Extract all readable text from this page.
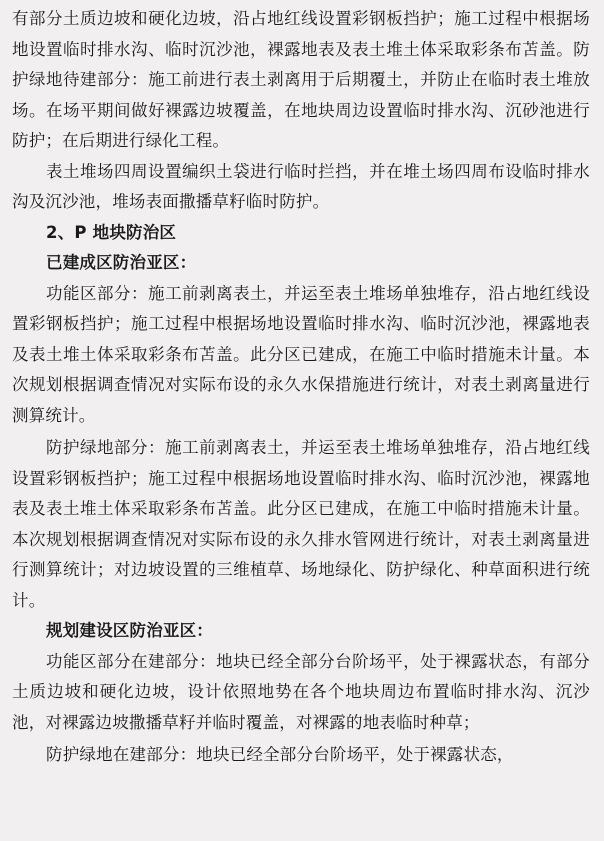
有部分土质边坡和硬化边坡，沿占地红线设置彩钢板挡护；施工过程中根据场地设置临时排水沟、临时沉沙池，裸露地表及表土堆土体采取彩条布苫盖。防护绿地待建部分：施工前进行表土剥离用于后期覆土，并防止在临时表土堆放场。在场平期间做好裸露边坡覆盖，在地块周边设置临时排水沟、沉砂池进行防护；在后期进行绿化工程。

表土堆场四周设置编织土袋进行临时拦挡，并在堆土场四周布设临时排水沟及沉沙池，堆场表面撒播草籽临时防护。

2、P 地块防治区

已建成区防治亚区：

功能区部分：施工前剥离表土，并运至表土堆场单独堆存，沿占地红线设置彩钢板挡护；施工过程中根据场地设置临时排水沟、临时沉沙池，裸露地表及表土堆土体采取彩条布苫盖。此分区已建成，在施工中临时措施未计量。本次规划根据调查情况对实际布设的永久水保措施进行统计，对表土剥离量进行测算统计。

防护绿地部分：施工前剥离表土，并运至表土堆场单独堆存，沿占地红线设置彩钢板挡护；施工过程中根据场地设置临时排水沟、临时沉沙池，裸露地表及表土堆土体采取彩条布苫盖。此分区已建成，在施工中临时措施未计量。本次规划根据调查情况对实际布设的永久排水管网进行统计，对表土剥离量进行测算统计；对边坡设置的三维植草、场地绿化、防护绿化、种草面积进行统计。

规划建设区防治亚区：

功能区部分在建部分：地块已经全部分台阶场平，处于裸露状态，有部分土质边坡和硬化边坡，设计依照地势在各个地块周边布置临时排水沟、沉沙池，对裸露边坡撒播草籽并临时覆盖，对裸露的地表临时种草；

防护绿地在建部分：地块已经全部分台阶场平，处于裸露状态，
